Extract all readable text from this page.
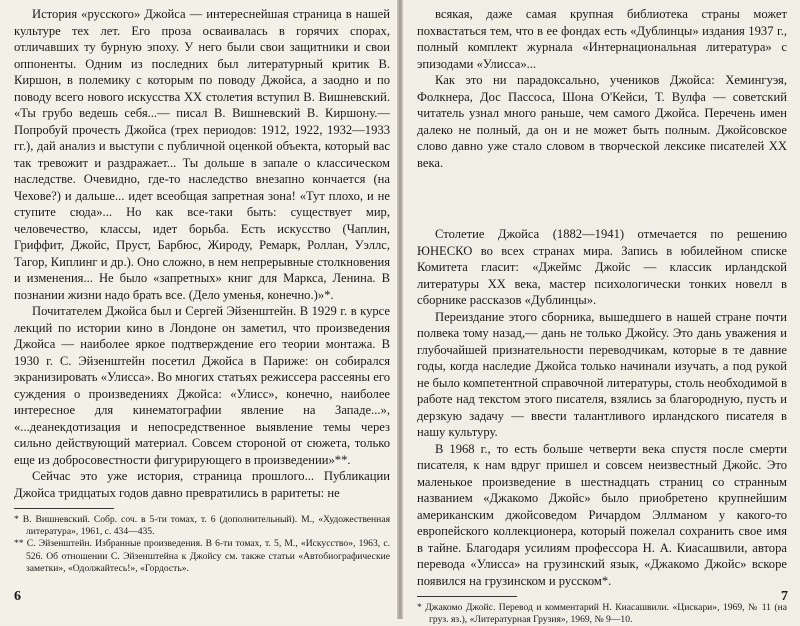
История «русского» Джойса — интереснейшая страница в нашей культуре тех лет. Его проза осваивалась в горячих спорах, отличавших ту бурную эпоху. У него были свои защитники и свои оппоненты. Одним из последних был литературный критик В. Киршон, в полемику с которым по поводу Джойса, а заодно и по поводу всего нового искусства XX столетия вступил В. Вишневский. «Ты грубо ведешь себя...— писал В. Вишневский В. Киршону.— Попробуй прочесть Джойса (трех периодов: 1912, 1922, 1932—1933 гг.), дай анализ и выступи с публичной оценкой объекта, который вас так тревожит и раздражает... Ты дольше в запале о классическом наследстве. Очевидно, где-то наследство внезапно кончается (на Чехове?) и дальше... идет всеобщая запретная зона! «Тут плохо, и не ступите сюда»... Но как все-таки быть: существует мир, человечество, классы, идет борьба. Есть искусство (Чаплин, Гриффит, Джойс, Пруст, Барбюс, Жироду, Ремарк, Роллан, Уэллс, Тагор, Киплинг и др.). Оно сложно, в нем непрерывные столкновения и изменения... Не было «запретных» книг для Маркса, Ленина. В познании жизни надо брать все. (Дело уменья, конечно.)»*.

Почитателем Джойса был и Сергей Эйзенштейн. В 1929 г. в курсе лекций по истории кино в Лондоне он заметил, что произведения Джойса — наиболее яркое подтверждение его теории монтажа. В 1930 г. С. Эйзенштейн посетил Джойса в Париже: он собирался экранизировать «Улисса». Во многих статьях режиссера рассеяны его суждения о произведениях Джойса: «Улисс», конечно, наиболее интересное для кинематографии явление на Западе...», «...деанекдотизация и непосредственное выявление темы через сильно действующий материал. Совсем стороной от сюжета, только еще из добросовестности фигурирующего в произведении»**.

Сейчас это уже история, страница прошлого... Публикации Джойса тридцатых годов давно превратились в раритеты: не

* В. Вишневский. Собр. соч. в 5-ти томах, т. 6 (дополнительный). М., «Художественная литература», 1961, с. 434—435.

** С. Эйзенштейн. Избранные произведения. В 6-ти томах, т. 5, М., «Искусство», 1963, с. 526. Об отношении С. Эйзенштейна к Джойсу см. также статьи «Автобиографические заметки», «Одолжайтесь!», «Гордость».

6

всякая, даже самая крупная библиотека страны может похвастаться тем, что в ее фондах есть «Дублинцы» издания 1937 г., полный комплект журнала «Интернациональная литература» с эпизодами «Улисса»...

Как это ни парадоксально, учеников Джойса: Хемингуэя, Фолкнера, Дос Пассоса, Шона О'Кейси, Т. Вулфа — советский читатель узнал много раньше, чем самого Джойса. Перечень имен далеко не полный, да он и не может быть полным. Джойсовское слово давно уже стало словом в творческой лексике писателей XX века.

Столетие Джойса (1882—1941) отмечается по решению ЮНЕСКО во всех странах мира. Запись в юбилейном списке Комитета гласит: «Джеймс Джойс — классик ирландской литературы XX века, мастер психологически тонких новелл в сборнике рассказов «Дублинцы».

Переиздание этого сборника, вышедшего в нашей стране почти полвека тому назад,— дань не только Джойсу. Это дань уважения и глубочайшей признательности переводчикам, которые в те давние годы, когда наследие Джойса только начинали изучать, а под рукой не было компетентной справочной литературы, столь необходимой в работе над текстом этого писателя, взялись за благородную, пусть и дерзкую задачу — ввести талантливого ирландского писателя в нашу культуру.

В 1968 г., то есть больше четверти века спустя после смерти писателя, к нам вдруг пришел и совсем неизвестный Джойс. Это маленькое произведение в шестнадцать страниц со странным названием «Джакомо Джойс» было приобретено крупнейшим американским джойсоведом Ричардом Эллманом у какого-то европейского коллекционера, который пожелал сохранить свое имя в тайне. Благодаря усилиям профессора Н. А. Киасашвили, автора перевода «Улисса» на грузинский язык, «Джакомо Джойс» вскоре появился на грузинском и русском*.

* Джакомо Джойс. Перевод и комментарий Н. Киасашвили. «Цискари», 1969, № 11 (на груз. яз.), «Литературная Грузия», 1969, № 9—10.

7
